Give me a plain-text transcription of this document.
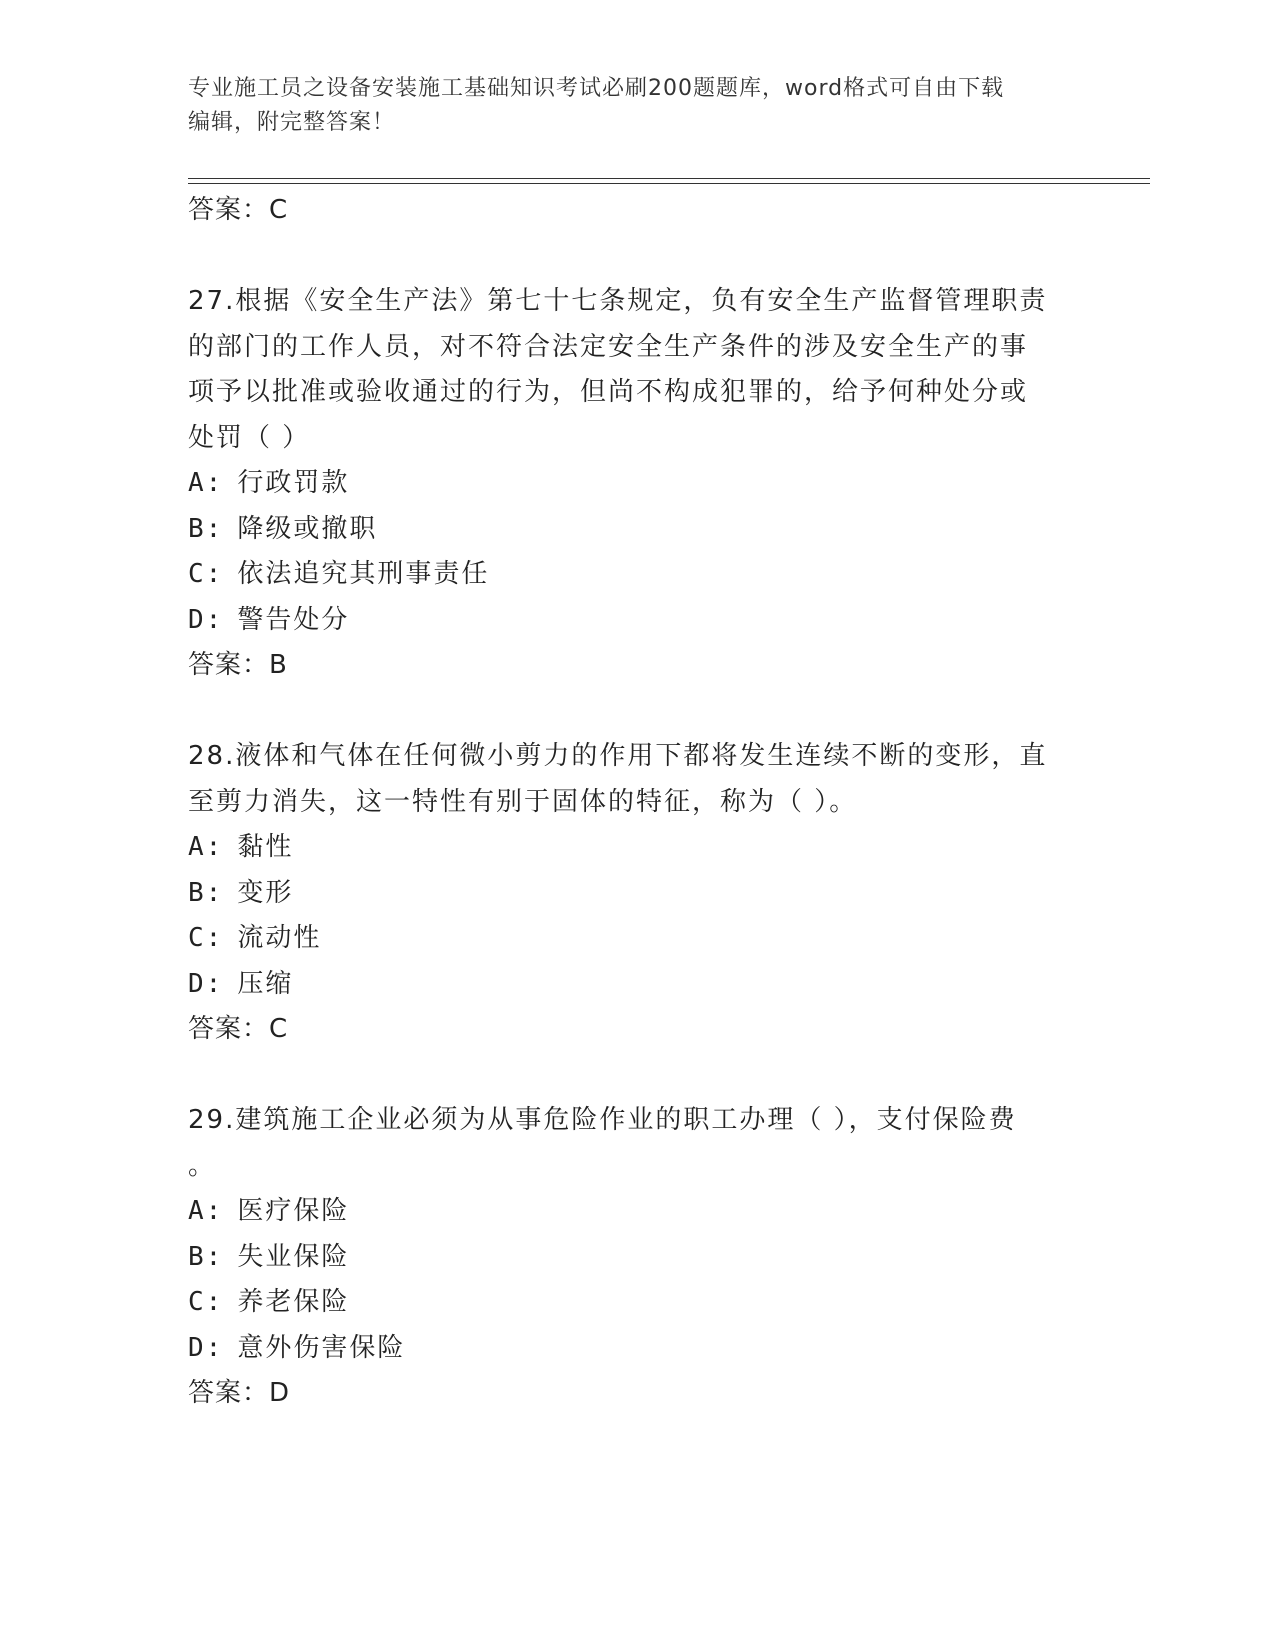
专业施工员之设备安装施工基础知识考试必刷200题题库，word格式可自由下载
编辑，附完整答案！
答案：C
27.根据《安全生产法》第七十七条规定，负有安全生产监督管理职责
的部门的工作人员，对不符合法定安全生产条件的涉及安全生产的事
项予以批准或验收通过的行为，但尚不构成犯罪的，给予何种处分或
处罚（ ）
A: 行政罚款
B: 降级或撤职
C: 依法追究其刑事责任
D: 警告处分
答案：B
28.液体和气体在任何微小剪力的作用下都将发生连续不断的变形，直
至剪力消失，这一特性有别于固体的特征，称为（ ）。
A: 黏性
B: 变形
C: 流动性
D: 压缩
答案：C
29.建筑施工企业必须为从事危险作业的职工办理（ ），支付保险费
。
A: 医疗保险
B: 失业保险
C: 养老保险
D: 意外伤害保险
答案：D
